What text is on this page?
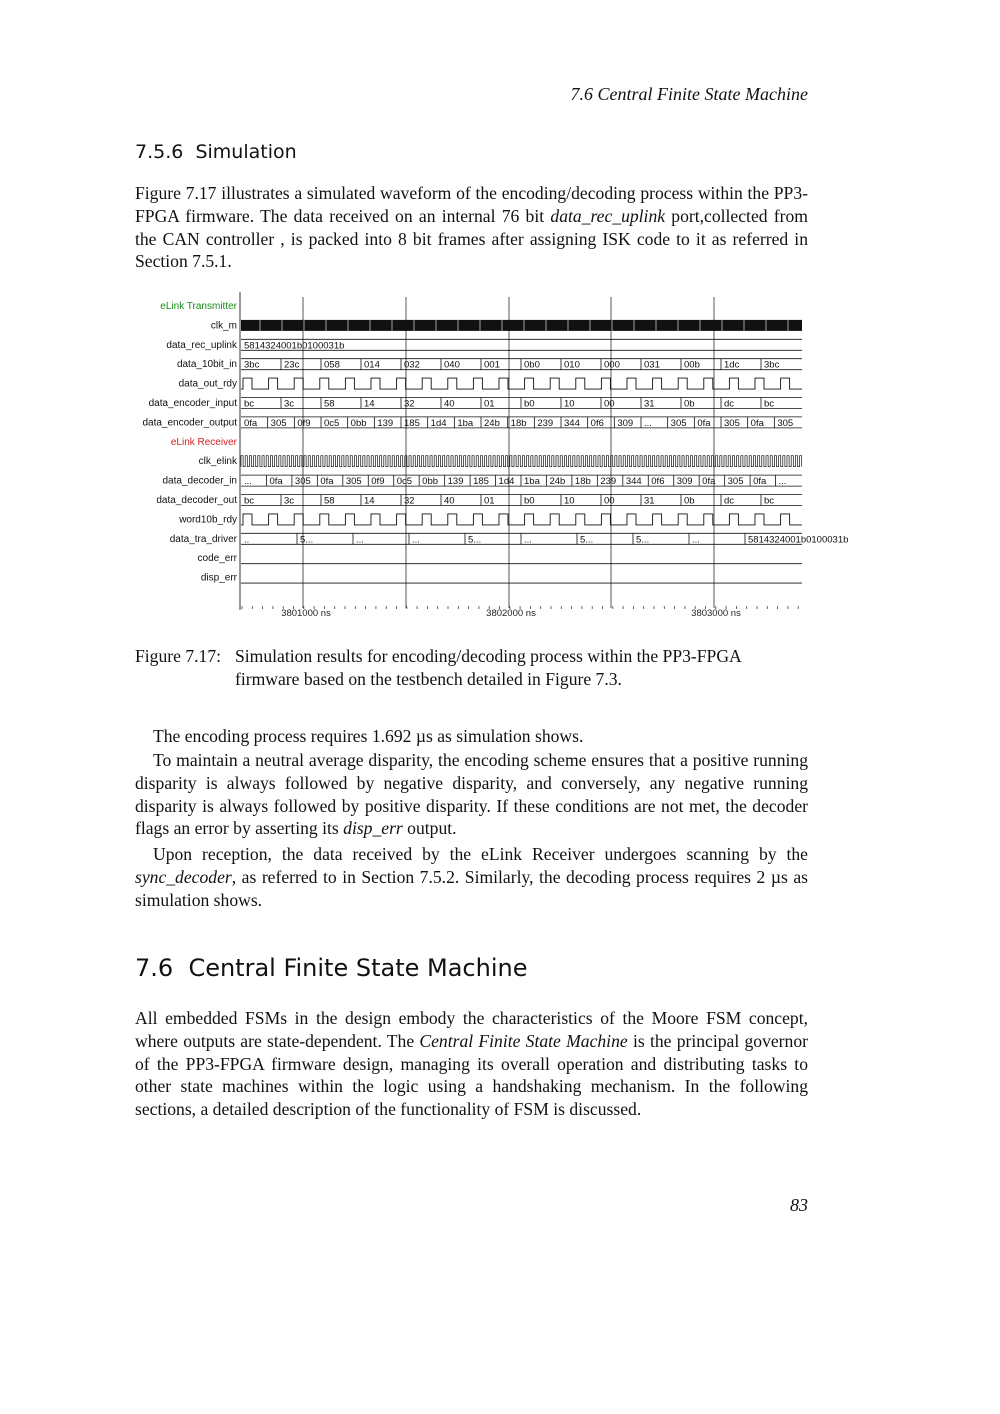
7.6 Central Finite State Machine
7.5.6 Simulation

Figure 7.17 illustrates a simulated waveform of the encoding/decoding process within the PP3-FPGA firmware. The data received on an internal 76 bit data_rec_uplink port,collected from the CAN controller , is packed into 8 bit frames after assigning ISK code to it as referred in Section 7.5.1.

eLink Transmitter
clk_m
data_rec_uplink 5814324001b0100031b
data_10bit_in 3bc	23c	058	014	032	040	001	0b0	010	000	031	00b	1dc	3bc
data_out_rdy
data_encoder_input bc	3c	58	14	32	40	01	b0	10	00	31	0b	dc	bc
data_encoder_output 0fa 305 0f9 0c5 0bb 139 185 1d4 1ba 24b 18b 239 344 0f6 309 ... 305 0fa 305 0fa 305
eLink Receiver
clk_elink
data_decoder_in ... 0fa 305 0fa 305 0f9 0c5 0bb 139 185 1d4 1ba 24b 18b 239 344 0f6 309 0fa 305 0fa ...
data_decoder_out bc	3c	58	14	32	40	01	b0	10	00	31	0b	dc	bc
word10b_rdy
data_tra_driver ..	5...	...	...	5...	...	5...	5...	...	5814324001b0100031b
code_err
disp_err
3801000 ns	3802000 ns	3803000 ns
Figure 7.17: Simulation results for encoding/decoding process within the PP3-FPGA firmware based on the testbench detailed in Figure 7.3.

The encoding process requires 1.692 µs as simulation shows.

To maintain a neutral average disparity, the encoding scheme ensures that a positive running disparity is always followed by negative disparity, and conversely, any negative running disparity is always followed by positive disparity. If these conditions are not met, the decoder flags an error by asserting its disp_err output.

Upon reception, the data received by the eLink Receiver undergoes scanning by the sync_decoder, as referred to in Section 7.5.2. Similarly, the decoding process requires 2 µs as simulation shows.

7.6 Central Finite State Machine

All embedded FSMs in the design embody the characteristics of the Moore FSM concept, where outputs are state-dependent. The Central Finite State Machine is the principal governor of the PP3-FPGA firmware design, managing its overall operation and distributing tasks to other state machines within the logic using a handshaking mechanism. In the following sections, a detailed description of the functionality of FSM is discussed.

83
